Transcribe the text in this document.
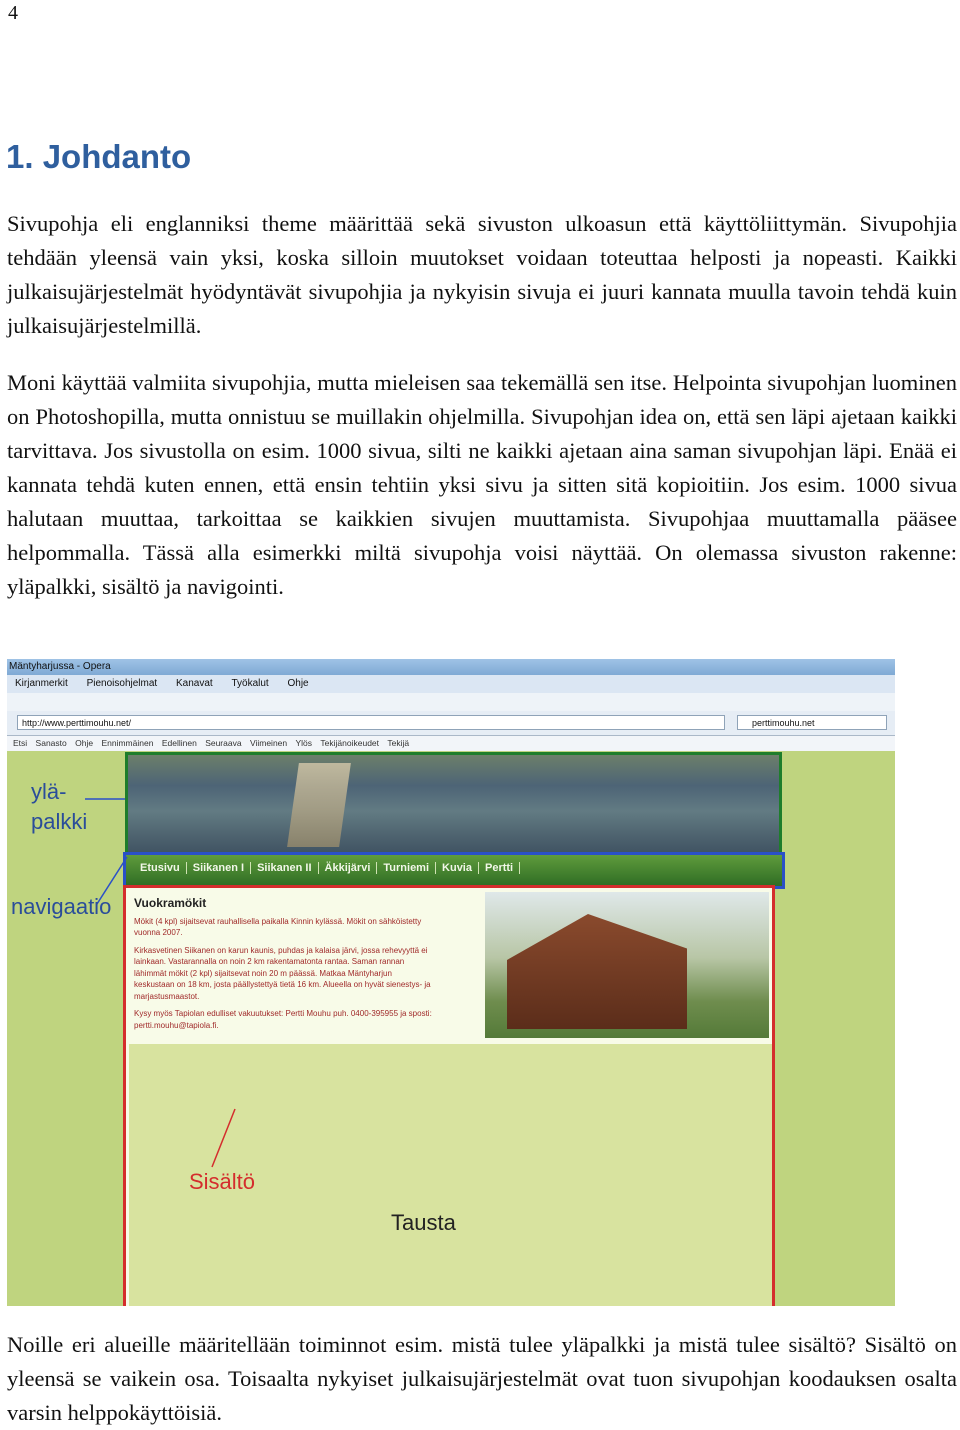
4
1. Johdanto

Sivupohja eli englanniksi theme määrittää sekä sivuston ulkoasun että käyttöliittymän. Sivupohjia tehdään yleensä vain yksi, koska silloin muutokset voidaan toteuttaa helposti ja nopeasti. Kaikki julkaisujärjestelmät hyödyntävät sivupohjia ja nykyisin sivuja ei juuri kannata muulla tavoin tehdä kuin julkaisujärjestelmillä.

Moni käyttää valmiita sivupohjia, mutta mieleisen saa tekemällä sen itse. Helpointa sivupohjan luominen on Photoshopilla, mutta onnistuu se muillakin ohjelmilla. Sivupohjan idea on, että sen läpi ajetaan kaikki tarvittava. Jos sivustolla on esim. 1000 sivua, silti ne kaikki ajetaan aina saman sivupohjan läpi. Enää ei kannata tehdä kuten ennen, että ensin tehtiin yksi sivu ja sitten sitä kopioitiin. Jos esim. 1000 sivua halutaan muuttaa, tarkoittaa se kaikkien sivujen muuttamista. Sivupohjaa muuttamalla pääsee helpommalla. Tässä alla esimerkki miltä sivupohja voisi näyttää. On olemassa sivuston rakenne: yläpalkki, sisältö ja navigointi.

Mäntyharjussa - Opera
Kirjanmerkit Pienoisohjelmat Kanavat Työkalut Ohje
http://www.perttimouhu.net/	perttimouhu.net
Etsi Sanasto Ohje Ennimmäinen Edellinen Seuraava Viimeinen Ylös Tekijänoikeudet Tekijä
Etusivu Siikanen I Siikanen II Äkkijärvi Turniemi Kuvia Pertti
Vuokramökit

Mökit (4 kpl) sijaitsevat rauhallisella paikalla Kinnin kylässä. Mökit on sähköistetty vuonna 2007.

Kirkasvetinen Siikanen on karun kaunis, puhdas ja kalaisa järvi, jossa rehevyyttä ei lainkaan. Vastarannalla on noin 2 km rakentamatonta rantaa. Saman rannan lähimmät mökit (2 kpl) sijaitsevat noin 20 m päässä. Matkaa Mäntyharjun keskustaan on 18 km, josta päällystettyä tietä 16 km. Alueella on hyvät sienestys- ja marjastusmaastot.

Kysy myös Tapiolan edulliset vakuutukset: Pertti Mouhu puh. 0400-395955 ja sposti: pertti.mouhu@tapiola.fi.

ylä-
palkki
navigaatio
Sisältö
Tausta

Noille eri alueille määritellään toiminnot esim. mistä tulee yläpalkki ja mistä tulee sisältö? Sisältö on yleensä se vaikein osa. Toisaalta nykyiset julkaisujärjestelmät ovat tuon sivupohjan koodauksen osalta varsin helppokäyttöisiä.
